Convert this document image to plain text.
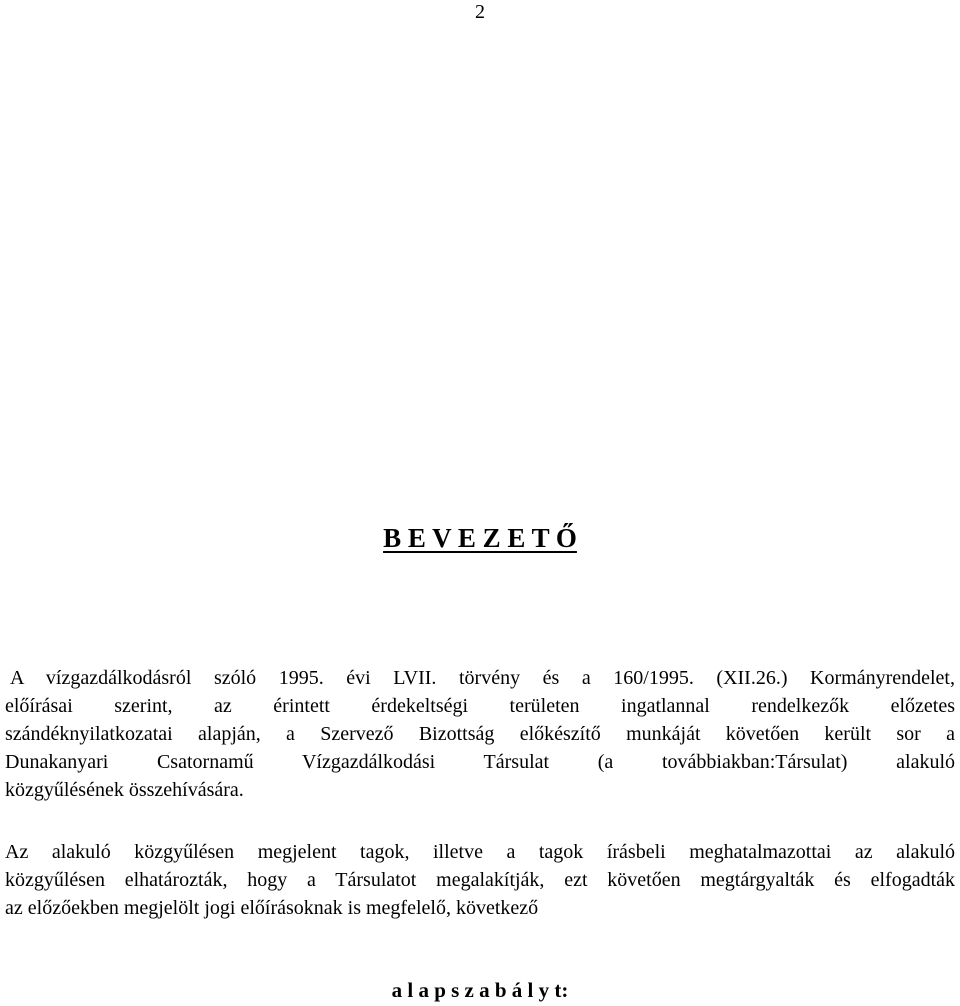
2
B E V E Z E T Ő
A vízgazdálkodásról szóló 1995. évi LVII. törvény és a 160/1995. (XII.26.) Kormányrendelet,
előírásai szerint, az érintett érdekeltségi területen ingatlannal rendelkezők előzetes
szándéknyilatkozatai alapján, a Szervező Bizottság előkészítő munkáját követően került sor a
Dunakanyari Csatornamű Vízgazdálkodási Társulat (a továbbiakban:Társulat) alakuló
közgyűlésének összehívására.
Az alakuló közgyűlésen megjelent tagok, illetve a tagok írásbeli meghatalmazottai az alakuló
közgyűlésen elhatározták, hogy a Társulatot megalakítják, ezt követően megtárgyalták és elfogadták
az előzőekben megjelölt jogi előírásoknak is megfelelő, következő
a l a p s z a b á l y t:
